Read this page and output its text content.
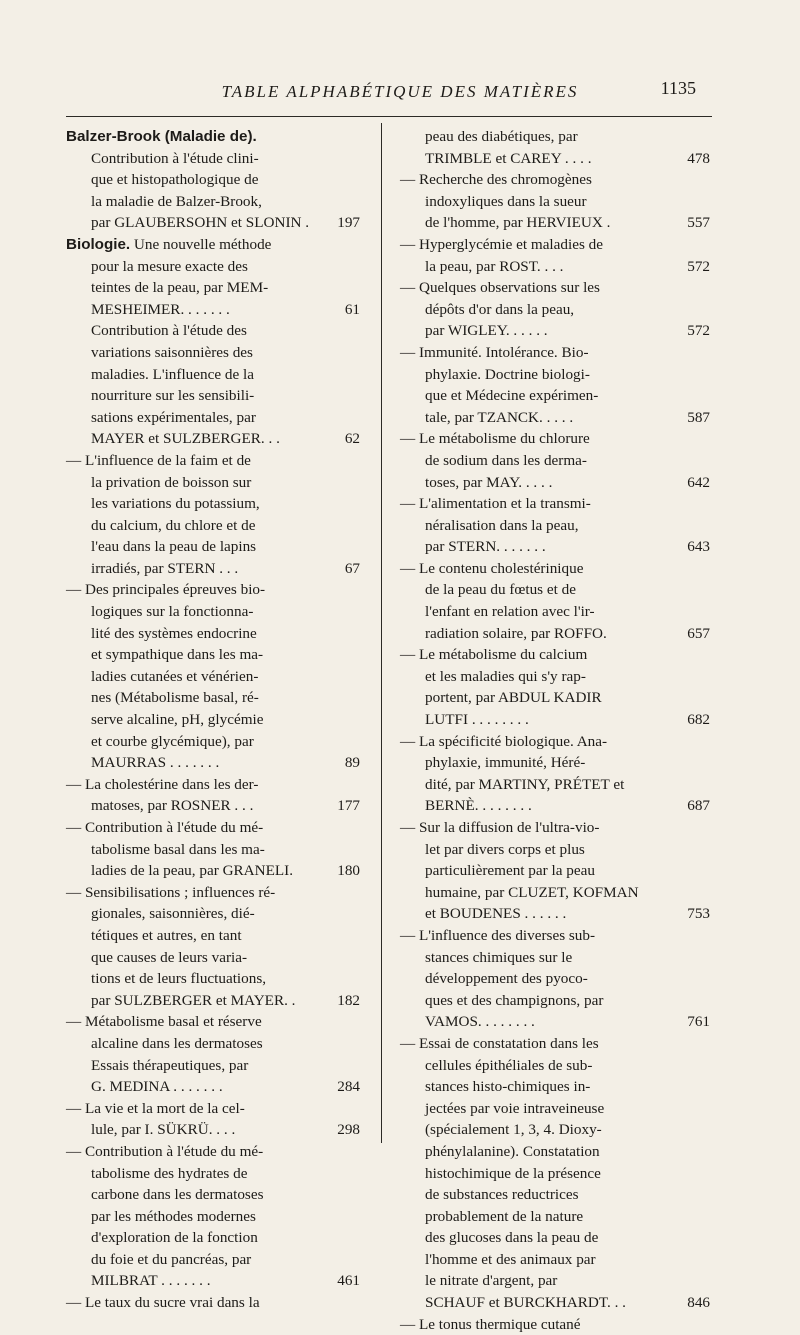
TABLE ALPHABÉTIQUE DES MATIÈRES	1135
Balzer-Brook (Maladie de).
Contribution à l'étude clini-
que et histopathologique de
la maladie de Balzer-Brook,
par GLAUBERSOHN et SLONIN . 197
Biologie. Une nouvelle méthode
pour la mesure exacte des
teintes de la peau, par MEM-
MESHEIMER. . . . . . .	61
Contribution à l'étude des
variations saisonnières des
maladies. L'influence de la
nourriture sur les sensibili-
sations expérimentales, par
MAYER et SULZBERGER. . .	62
— L'influence de la faim et de
la privation de boisson sur
les variations du potassium,
du calcium, du chlore et de
l'eau dans la peau de lapins
irradiés, par STERN . . .	67
— Des principales épreuves bio-
logiques sur la fonctionna-
lité des systèmes endocrine
et sympathique dans les ma-
ladies cutanées et vénérien-
nes (Métabolisme basal, ré-
serve alcaline, pH, glycémie
et courbe glycémique), par
MAURRAS . . . . . . .	89
— La cholestérine dans les der-
matoses, par ROSNER . . .	177
— Contribution à l'étude du mé-
tabolisme basal dans les ma-
ladies de la peau, par GRANELI.	180
— Sensibilisations ; influences ré-
gionales, saisonnières, dié-
tétiques et autres, en tant
que causes de leurs varia-
tions et de leurs fluctuations,
par SULZBERGER et MAYER. .	182
— Métabolisme basal et réserve
alcaline dans les dermatoses
Essais thérapeutiques, par
G. MEDINA . . . . . . .	284
— La vie et la mort de la cel-
lule, par I. SÜKRÜ. . . .	298
— Contribution à l'étude du mé-
tabolisme des hydrates de
carbone dans les dermatoses
par les méthodes modernes
d'exploration de la fonction
du foie et du pancréas, par
MILBRAT . . . . . . .	461
— Le taux du sucre vrai dans la
peau des diabétiques, par
TRIMBLE et CAREY . . . .	478
— Recherche des chromogènes
indoxyliques dans la sueur
de l'homme, par HERVIEUX .	557
— Hyperglycémie et maladies de
la peau, par ROST. . . .	572
— Quelques observations sur les
dépôts d'or dans la peau,
par WIGLEY. . . . . .	572
— Immunité. Intolérance. Bio-
phylaxie. Doctrine biologi-
que et Médecine expérimen-
tale, par TZANCK. . . . .	587
— Le métabolisme du chlorure
de sodium dans les derma-
toses, par MAY. . . . .	642
— L'alimentation et la transmi-
néralisation dans la peau,
par STERN. . . . . . .	643
— Le contenu cholestérinique
de la peau du fœtus et de
l'enfant en relation avec l'ir-
radiation solaire, par ROFFO.	657
— Le métabolisme du calcium
et les maladies qui s'y rap-
portent, par ABDUL KADIR
LUTFI . . . . . . . .	682
— La spécificité biologique. Ana-
phylaxie, immunité, Héré-
dité, par MARTINY, PRÉTET et
BERNÈ. . . . . . . .	687
— Sur la diffusion de l'ultra-vio-
let par divers corps et plus
particulièrement par la peau
humaine, par CLUZET, KOFMAN
et BOUDENES . . . . . .	753
— L'influence des diverses sub-
stances chimiques sur le
développement des pyoco-
ques et des champignons, par
VAMOS. . . . . . . .	761
— Essai de constatation dans les
cellules épithéliales de sub-
stances histo-chimiques in-
jectées par voie intraveineuse
(spécialement 1, 3, 4. Dioxy-
phénylalanine). Constatation
histochimique de la présence
de substances reductrices
probablement de la nature
des glucoses dans la peau de
l'homme et des animaux par
le nitrate d'argent, par
SCHAUF et BURCKHARDT. . .	846
— Le tonus thermique cutané
